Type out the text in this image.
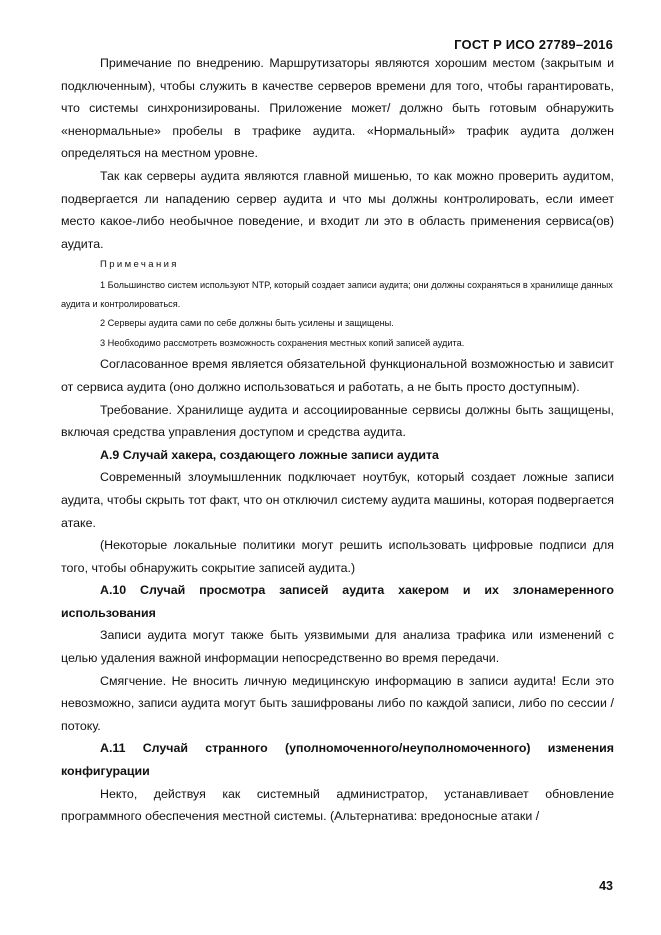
ГОСТ Р ИСО 27789–2016

Примечание по внедрению. Маршрутизаторы являются хорошим местом (закрытым и подключенным), чтобы служить в качестве серверов времени для того, чтобы гарантировать, что системы синхронизированы. Приложение может/ должно быть готовым обнаружить «ненормальные» пробелы в трафике аудита. «Нормальный» трафик аудита должен определяться на местном уровне.

Так как серверы аудита являются главной мишенью, то как можно проверить аудитом, подвергается ли нападению сервер аудита и что мы должны контролировать, если имеет место какое-либо необычное поведение, и входит ли это в область применения сервиса(ов) аудита.

Примечания

1 Большинство систем используют NTP, который создает записи аудита; они должны сохраняться в хранилище данных аудита и контролироваться.

2 Серверы аудита сами по себе должны быть усилены и защищены.

3 Необходимо рассмотреть возможность сохранения местных копий записей аудита.

Согласованное время является обязательной функциональной возможностью и зависит от сервиса аудита (оно должно использоваться и работать, а не быть просто доступным).

Требование. Хранилище аудита и ассоциированные сервисы должны быть защищены, включая средства управления доступом и средства аудита.

А.9 Случай хакера, создающего ложные записи аудита

Современный злоумышленник подключает ноутбук, который создает ложные записи аудита, чтобы скрыть тот факт, что он отключил систему аудита машины, которая подвергается атаке.

(Некоторые локальные политики могут решить использовать цифровые подписи для того, чтобы обнаружить сокрытие записей аудита.)

А.10 Случай просмотра записей аудита хакером и их злонамеренного использования

Записи аудита могут также быть уязвимыми для анализа трафика или изменений с целью удаления важной информации непосредственно во время передачи.

Смягчение. Не вносить личную медицинскую информацию в записи аудита! Если это невозможно, записи аудита могут быть зашифрованы либо по каждой записи, либо по сессии / потоку.

А.11 Случай странного (уполномоченного/неуполномоченного) изменения конфигурации

Некто, действуя как системный администратор, устанавливает обновление программного обеспечения местной системы. (Альтернатива: вредоносные атаки /

43
